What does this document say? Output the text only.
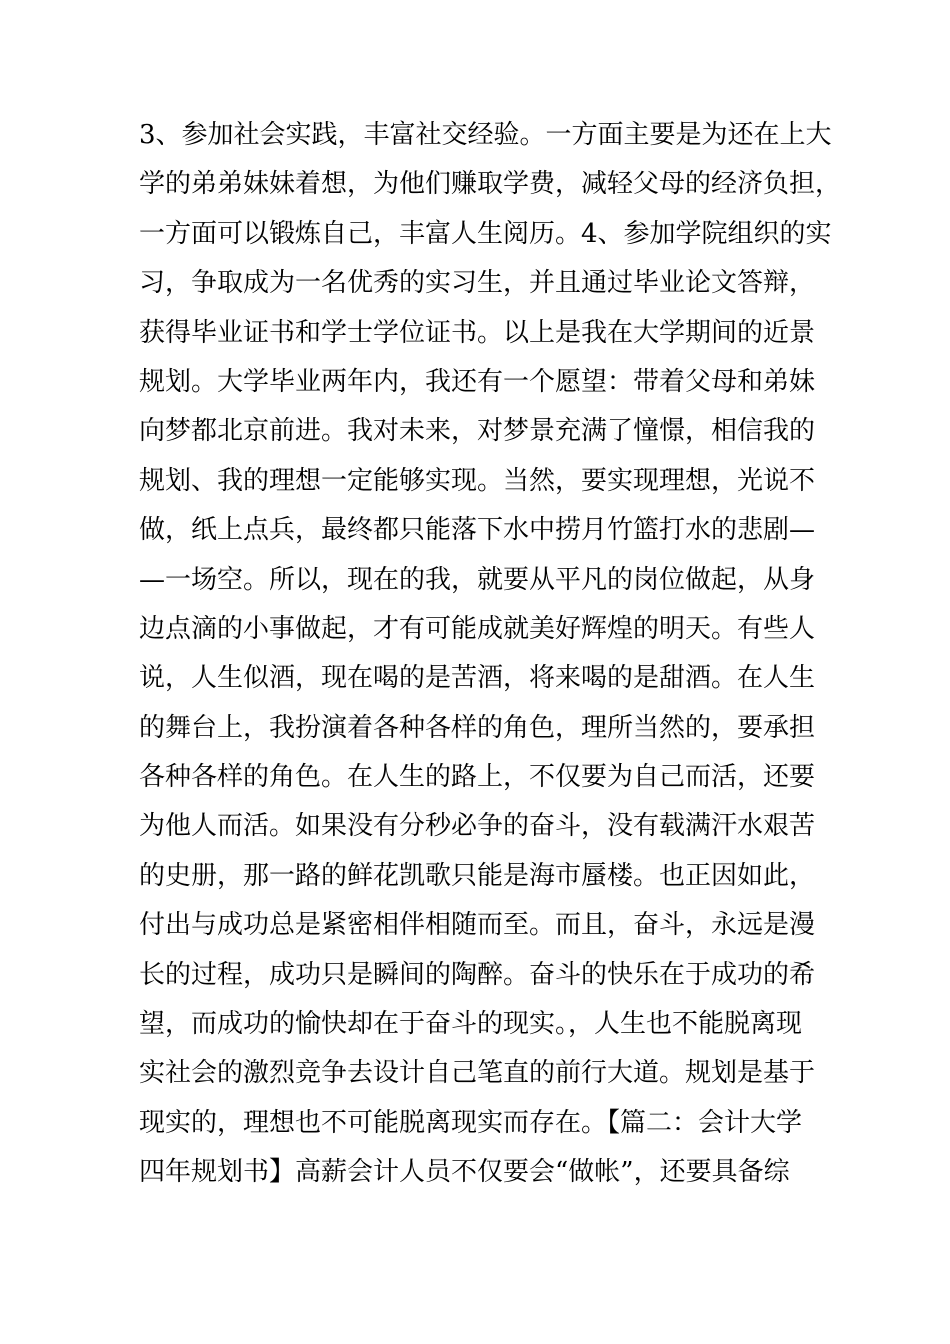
3、参加社会实践，丰富社交经验。一方面主要是为还在上大
学的弟弟妹妹着想，为他们赚取学费，减轻父母的经济负担，
一方面可以锻炼自己，丰富人生阅历。4、参加学院组织的实
习，争取成为一名优秀的实习生，并且通过毕业论文答辩，
获得毕业证书和学士学位证书。以上是我在大学期间的近景
规划。大学毕业两年内，我还有一个愿望：带着父母和弟妹
向梦都北京前进。我对未来，对梦景充满了憧憬，相信我的
规划、我的理想一定能够实现。当然，要实现理想，光说不
做，纸上点兵，最终都只能落下水中捞月竹篮打水的悲剧—
—一场空。所以，现在的我，就要从平凡的岗位做起，从身
边点滴的小事做起，才有可能成就美好辉煌的明天。有些人
说，人生似酒，现在喝的是苦酒，将来喝的是甜酒。在人生
的舞台上，我扮演着各种各样的角色，理所当然的，要承担
各种各样的角色。在人生的路上，不仅要为自己而活，还要
为他人而活。如果没有分秒必争的奋斗，没有载满汗水艰苦
的史册，那一路的鲜花凯歌只能是海市蜃楼。也正因如此，
付出与成功总是紧密相伴相随而至。而且，奋斗，永远是漫
长的过程，成功只是瞬间的陶醉。奋斗的快乐在于成功的希
望，而成功的愉快却在于奋斗的现实。，人生也不能脱离现
实社会的激烈竞争去设计自己笔直的前行大道。规划是基于
现实的，理想也不可能脱离现实而存在。【篇二：会计大学
四年规划书】高薪会计人员不仅要会“做帐”，还要具备综
